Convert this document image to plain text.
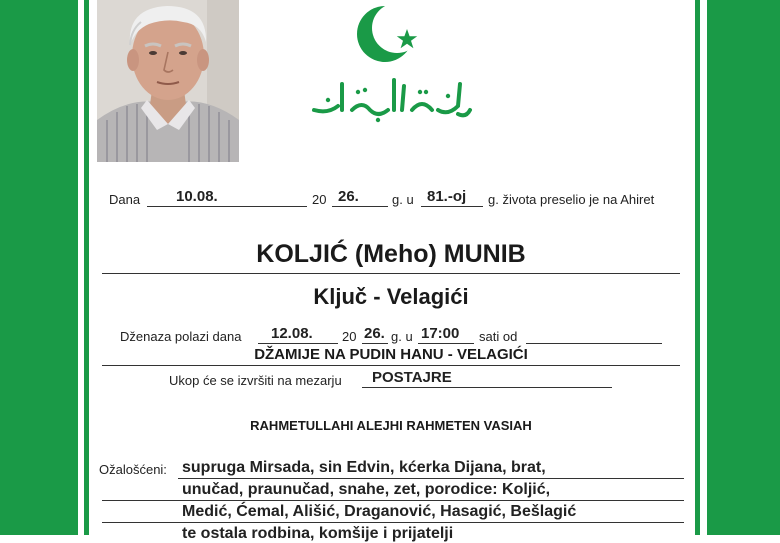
Dana 10.08.	20 26.	g. u 81.-oj g. života preselio je na Ahiret
KOLJIĆ (Meho) MUNIB
Ključ - Velagići
Dženaza polazi dana 12.08. 20 26. g. u 17:00 sati od
DŽAMIJE NA PUDIN HANU - VELAGIĆI
Ukop će se izvršiti na mezarju POSTAJRE
RAHMETULLAHI ALEJHI RAHMETEN VASIAH
Ožalošćeni: supruga Mirsada, sin Edvin, kćerka Dijana, brat,
unučad, praunučad, snahe, zet, porodice: Koljić,
Medić, Ćemal, Ališić, Draganović, Hasagić, Bešlagić
te ostala rodbina, komšije i prijatelji
